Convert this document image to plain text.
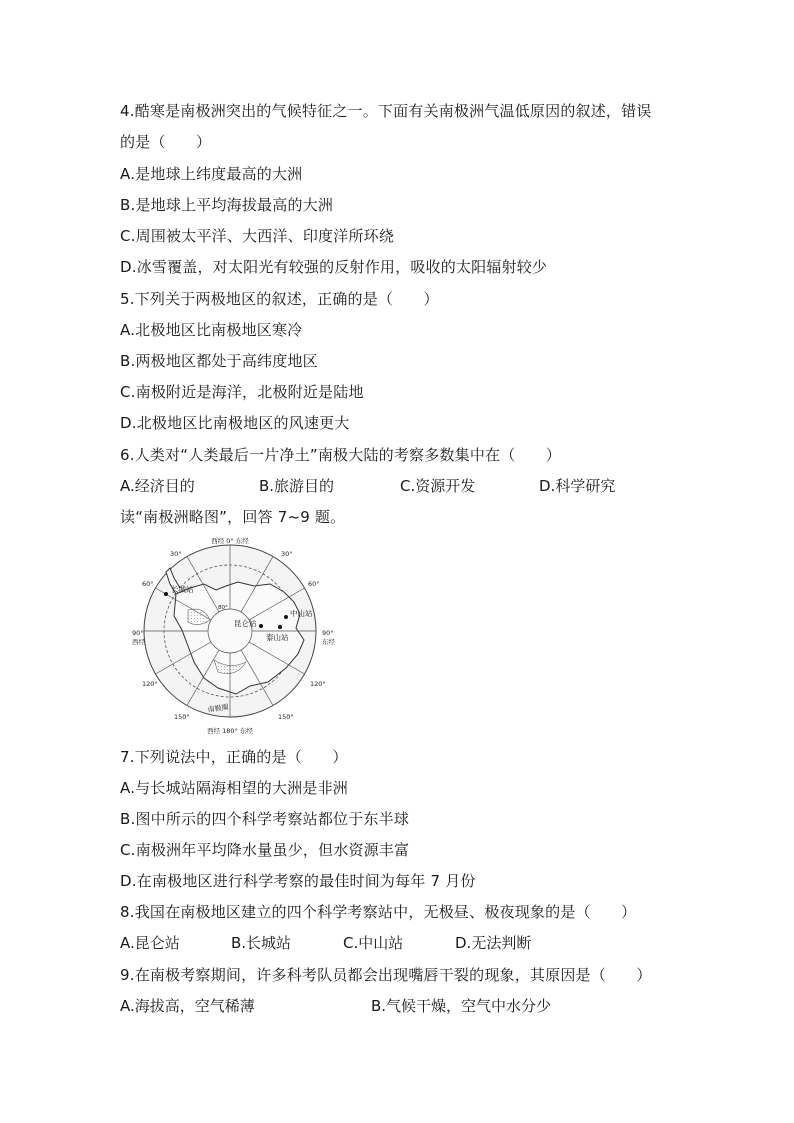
4.酷寒是南极洲突出的气候特征之一。下面有关南极洲气温低原因的叙述，错误
的是（　　）
A.是地球上纬度最高的大洲
B.是地球上平均海拔最高的大洲
C.周围被太平洋、大西洋、印度洋所环绕
D.冰雪覆盖，对太阳光有较强的反射作用，吸收的太阳辐射较少
5.下列关于两极地区的叙述，正确的是（　　）
A.北极地区比南极地区寒冷
B.两极地区都处于高纬度地区
C.南极附近是海洋，北极附近是陆地
D.北极地区比南极地区的风速更大
6.人类对“人类最后一片净土”南极大陆的考察多数集中在（　　）
A.经济目的	B.旅游目的	C.资源开发	D.科学研究
读“南极洲略图”，回答 7~9 题。
西经 0° 东经
西经 180° 东经
30°
30°
60°
60°
90°
西经
90°
东经
120°	120°
150°	150°
80°
南极圈
长城站
中山站
昆仑站
泰山站
7.下列说法中，正确的是（　　）
A.与长城站隔海相望的大洲是非洲
B.图中所示的四个科学考察站都位于东半球
C.南极洲年平均降水量虽少，但水资源丰富
D.在南极地区进行科学考察的最佳时间为每年 7 月份
8.我国在南极地区建立的四个科学考察站中，无极昼、极夜现象的是（　　）
A.昆仑站	B.长城站	C.中山站	D.无法判断
9.在南极考察期间，许多科考队员都会出现嘴唇干裂的现象，其原因是（　　）
A.海拔高，空气稀薄	B.气候干燥，空气中水分少
